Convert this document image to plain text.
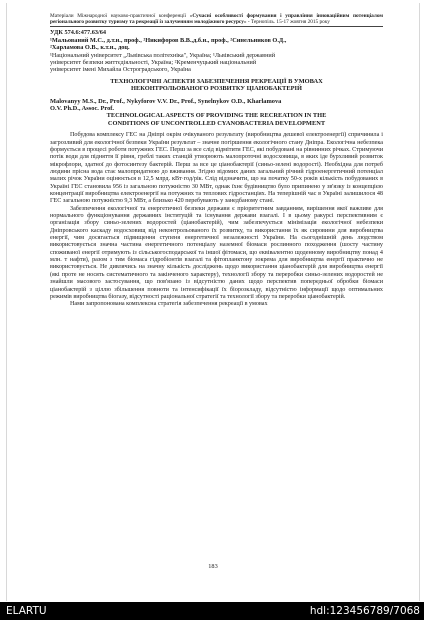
Матеріали Міжнародної науково-практичної конференції «Сучасні особливості формування і управління інноваційним потенціалом регіонального розвитку туризму та рекреації із залученням молодіжного ресурсу» - Тернопіль. 15-17 жовтня 2015 року

УДК 574.6:477.63/64
¹Мальований М.С., д.т.н., проф., ²Никифоров В.В.,д.б.н., проф., ²Синельников О.Д.,
²Харламова О.В., к.т.н., доц.
¹Національний університет „Львівська політехніка", Україна; ¹Львівський державний
університет безпеки життєдіяльності, Україна; ²Кременчуцький національний
університет імені Михайла Остроградського, Україна
ТЕХНОЛОГІЧНІ АСПЕКТИ ЗАБЕЗПЕЧЕННЯ РЕКРЕАЦІЇ В УМОВАХ
НЕКОНТРОЛЬОВАНОГО РОЗВИТКУ ЦІАНОБАКТЕРІЙ
Malovanyy M.S., Dr., Prof., Nykyforov V.V. Dr., Prof., Synelnykov O.D., Kharlamova
O.V. Ph.D., Assoc. Prof.
TECHNOLOGICAL ASPECTS OF PROVIDING THE RECREATION IN THE
CONDITIONS OF UNCONTROLLED CYANOBACTERIA DEVELOPMENT

Побудова комплексу ГЕС на Дніпрі окрім очікуваного результату (виробництва дешевої електроенергії) спричинила і загрозливий для екологічної безпеки України результат – значне погіршення екологічного стану Дніпра. Екологічна небезпека формується в процесі роботи потужних ГЕС. Перш за все слід відмітити ГЕС, які побудовані на рівнинних річках. Стримуючи потік води для підняття її рівня, греблі таких станцій утворюють малопроточні водосховища, в яких іде бурхливий розвиток мікрофлори, здатної до фотосинтезу бактерій. Перш за все це ціанобактерії (синьо-зелені водорості). Необхідна для потреб людини прісна вода стає малопридатною до вживання. Згідно відомих даних загальний річний гідроенергетичний потенціал малих річок України оцінюється в 12,5 млрд. кВт·год/рік. Слід відзначити, що на початку 50-х років кількість побудованих в Україні ГЕС становила 956 із загальною потужністю 30 МВт, однак їхнє будівництво було припинено у зв'язку із концепцією концентрації виробництва електроенергії на потужних та теплових гідростанціях. На теперішній час в Україні залишилося 48 ГЕС загальною потужністю 9,3 МВт, а близько 420 перебувають у занедбаному стані.

Забезпечення екологічної та енергетичної безпеки держави є пріоритетним завданням, вирішення якої важливе для нормального функціонування державних інституцій та існування держави взагалі. І в цьому ракурсі перспективним є організація збору синьо-зелених водоростей (ціанобактерій), чим забезпечується мінімізація екологічної небезпеки Дніпровського каскаду водосховищ від неконтрольованого їх розвитку, та використання їх як сировини для виробництва енергії, чим досягається підвищення ступеня енергетичної незалежності України. На сьогоднішній день людством використовується значна частина енергетичного потенціалу наземної біомаси рослинного походження (шосту частину споживаної енергії отримують із сільськогосподарської та іншої фітомаси, що еквівалентно щоденному виробництву понад 4 млн. т нафти), разом з тим біомаса гідробіонтів взагалі та фітопланктону зокрема для виробництва енергії практично не використовується. Не дивлячись на значну кількість досліджень щодо використання ціанобактерій для виробництва енергії (які проте не носять систематичного та закінченого характеру), технології збору та переробки синьо-зелених водоростей не знайшли масового застосування, що пов'язано із відсутністю даних щодо перспектив попередньої обробки біомаси ціанобактерій з ціллю збільшення повноти та інтенсифікації їх біорозкладу, відсутністю інформації щодо оптимальних режимів виробництва біогазу, відсутності раціональної стратегії та технології збору та переробки ціанобактерій.

Нами запропонована комплексна стратегія забезпечення рекреації в умовах

183
ELARTU	hdl:123456789/7068
